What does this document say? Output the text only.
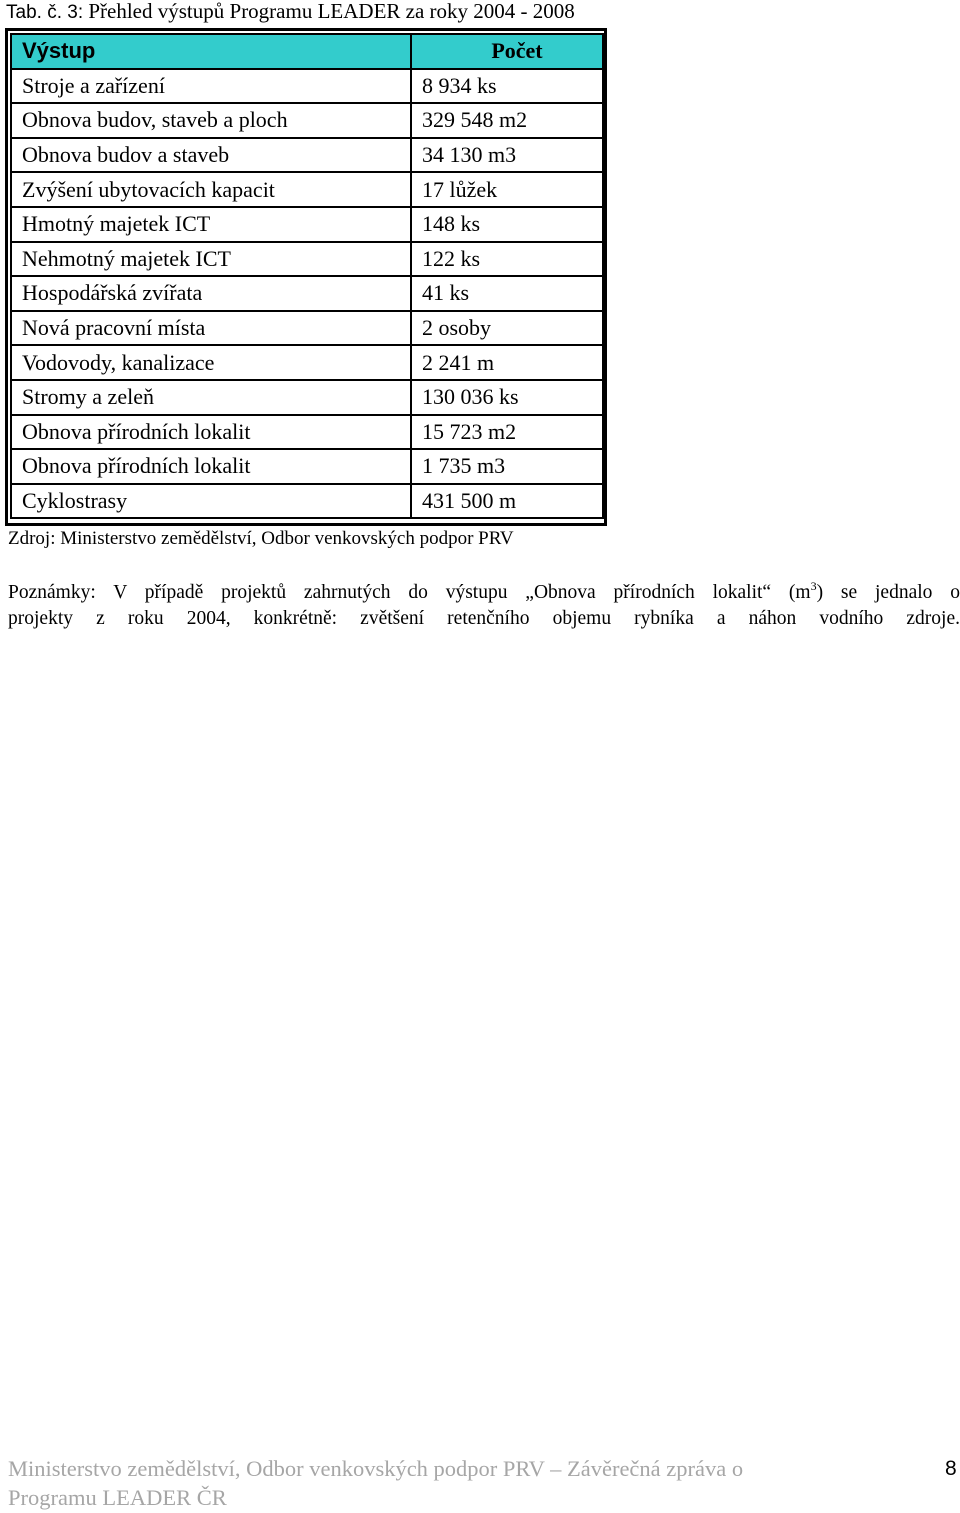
Tab. č. 3: Přehled výstupů Programu LEADER za roky 2004 - 2008
Výstup	Počet
Stroje a zařízení	8 934 ks
Obnova budov, staveb a ploch	329 548 m2
Obnova budov a staveb	34 130 m3
Zvýšení ubytovacích kapacit	17 lůžek
Hmotný majetek ICT	148 ks
Nehmotný majetek ICT	122 ks
Hospodářská zvířata	41 ks
Nová pracovní místa	2 osoby
Vodovody, kanalizace	2 241 m
Stromy a zeleň	130 036 ks
Obnova přírodních lokalit	15 723 m2
Obnova přírodních lokalit	1 735 m3
Cyklostrasy	431 500 m
Zdroj: Ministerstvo zemědělství, Odbor venkovských podpor PRV
Poznámky: V případě projektů zahrnutých do výstupu „Obnova přírodních lokalit“ $(m^3)$ se jednalo o
projekty z roku 2004, konkrétně: zvětšení retenčního objemu rybníka a náhon vodního zdroje.
Ministerstvo zemědělství, Odbor venkovských podpor PRV – Závěrečná zpráva o
Programu LEADER ČR
8
